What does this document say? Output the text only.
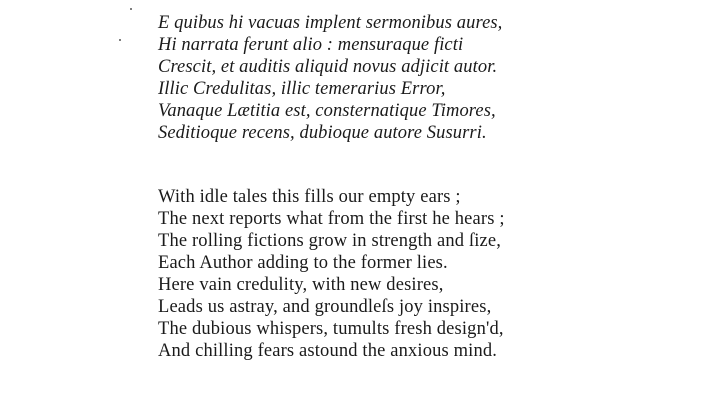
E quibus hi vacuas implent sermonibus aures,
Hi narrata ferunt alio : mensuraque ficti
Crescit, et auditis aliquid novus adjicit autor.
Illic Credulitas, illic temerarius Error,
Vanaque Lætitia est, consternatique Timores,
Seditioque recens, dubioque autore Susurri.
With idle tales this fills our empty ears ;
The next reports what from the first he hears ;
The rolling fictions grow in strength and ſize,
Each Author adding to the former lies.
Here vain credulity, with new desires,
Leads us astray, and groundleſs joy inspires,
The dubious whispers, tumults fresh design'd,
And chilling fears astound the anxious mind.
